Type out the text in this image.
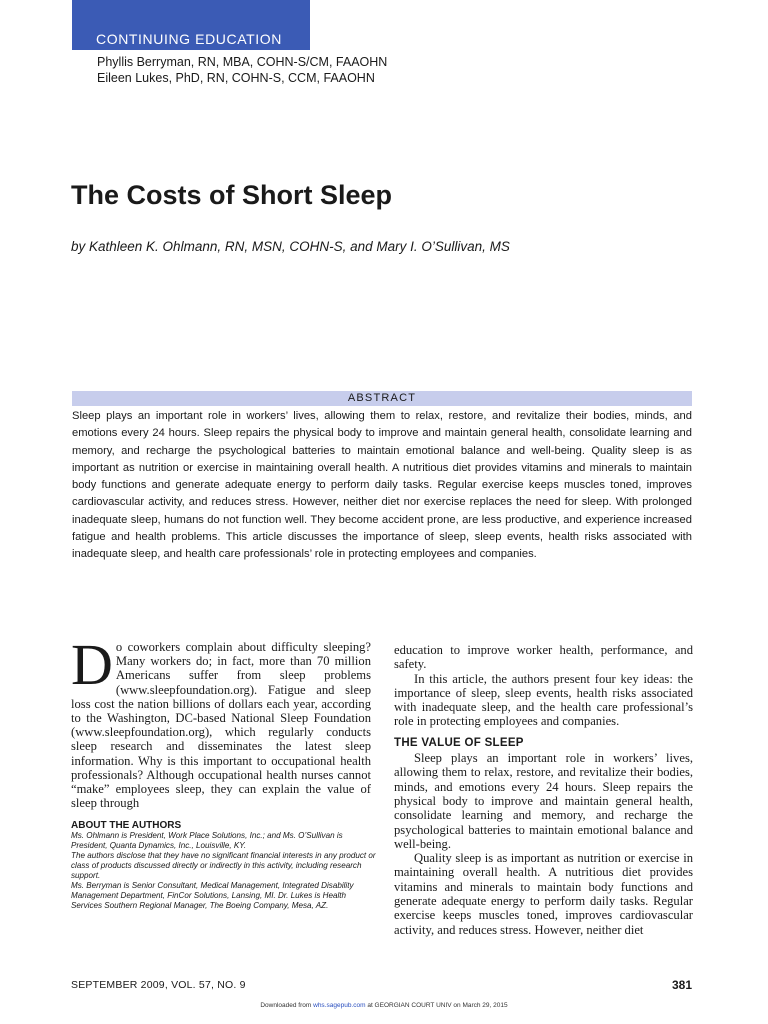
CONTINUING EDUCATION
Phyllis Berryman, RN, MBA, COHN-S/CM, FAAOHN
Eileen Lukes, PhD, RN, COHN-S, CCM, FAAOHN
The Costs of Short Sleep
by Kathleen K. Ohlmann, RN, MSN, COHN-S, and Mary I. O’Sullivan, MS
ABSTRACT

Sleep plays an important role in workers’ lives, allowing them to relax, restore, and revitalize their bodies, minds, and emotions every 24 hours. Sleep repairs the physical body to improve and maintain general health, consolidate learning and memory, and recharge the psychological batteries to maintain emotional balance and well-being. Quality sleep is as important as nutrition or exercise in maintaining overall health. A nutritious diet provides vitamins and minerals to maintain body functions and generate adequate energy to perform daily tasks. Regular exercise keeps muscles toned, improves cardiovascular activity, and reduces stress. However, neither diet nor exercise replaces the need for sleep. With prolonged inadequate sleep, humans do not function well. They become accident prone, are less productive, and experience increased fatigue and health problems. This article discusses the importance of sleep, sleep events, health risks associated with inadequate sleep, and health care professionals’ role in protecting employees and companies.

Do coworkers complain about difficulty sleeping? Many workers do; in fact, more than 70 million Americans suffer from sleep problems (www.sleepfoundation.org). Fatigue and sleep loss cost the nation billions of dollars each year, according to the Washington, DC-based National Sleep Foundation (www.sleepfoundation.org), which regularly conducts sleep research and disseminates the latest sleep information. Why is this important to occupational health professionals? Although occupational health nurses cannot “make” employees sleep, they can explain the value of sleep through
ABOUT THE AUTHORS

Ms. Ohlmann is President, Work Place Solutions, Inc.; and Ms. O’Sullivan is President, Quanta Dynamics, Inc., Louisville, KY.

The authors disclose that they have no significant financial interests in any product or class of products discussed directly or indirectly in this activity, including research support.

Ms. Berryman is Senior Consultant, Medical Management, Integrated Disability Management Department, FinCor Solutions, Lansing, MI. Dr. Lukes is Health Services Southern Regional Manager, The Boeing Company, Mesa, AZ.

education to improve worker health, performance, and safety.

In this article, the authors present four key ideas: the importance of sleep, sleep events, health risks associated with inadequate sleep, and the health care professional’s role in protecting employees and companies.

THE VALUE OF SLEEP

Sleep plays an important role in workers’ lives, allowing them to relax, restore, and revitalize their bodies, minds, and emotions every 24 hours. Sleep repairs the physical body to improve and maintain general health, consolidate learning and memory, and recharge the psychological batteries to maintain emotional balance and well-being.

Quality sleep is as important as nutrition or exercise in maintaining overall health. A nutritious diet provides vitamins and minerals to maintain body functions and generate adequate energy to perform daily tasks. Regular exercise keeps muscles toned, improves cardiovascular activity, and reduces stress. However, neither diet

SEPTEMBER 2009, VOL. 57, NO. 9	381
Downloaded from whs.sagepub.com at GEORGIAN COURT UNIV on March 29, 2015
